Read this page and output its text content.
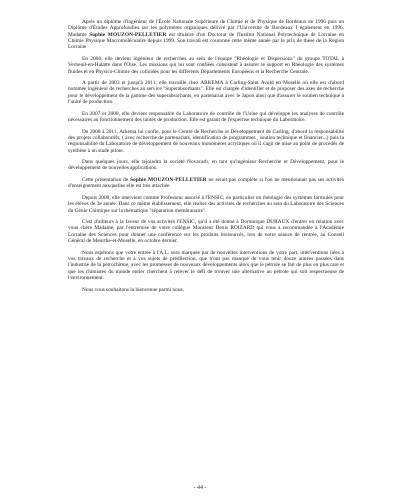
Après un diplôme d'ingénieur de l'École Nationale Supérieure de Chimie et de Physique de Bordeaux en 1996 puis un Diplôme d'Études Approfondies sur les polymères organiques délivré par l'Université de Bordeaux I également en 1996, Madame Sophie MOUZON-PELLETIER est titulaire d'un Doctorat de l'Institut National Polytechnique de Lorraine en Chimie Physique Macromoléculaire depuis 1999. Son travail est couronné cette même année par le prix de thèse de la Région Lorraine

En 2000, elle devient ingénieur de recherches au sein de l'équipe "Rhéologie et Dispersions" du groupe TOTAL à Verneuil-en-Halatte dans l'Oise. Les missions qui lui sont confiées consistent à assurer le support en Rhéologie des systèmes fluides et en Physico-Chimie des colloïdes pour les différents Départements Européens et la Recherche Centrale.

A partir de 2003 et jusqu'à 2011, elle travaille chez ARKEMA à Carling-Saint Avold en Moselle où elle est d'abord nommée ingénieur de recherches au service "Superabsorbants". Elle est chargée d'identifier et de proposer des axes de recherche pour le développement de la gamme des superabsorbants, en partenariat avec le Japon ainsi que d'assurer le soutien technique à l'unité de production.

En 2007 et 2008, elle devient responsable du Laboratoire de contrôle de l'Usine qui développe les analyses de contrôle nécessaires au fonctionnement des unités de production. Elle est garant de l'expertise technique du Laboratoire.

De 2008 à 2011, Arkema lui confie, pour le Centre de Recherche et Développement de Carling, d'abord la responsabilité des projets collaboratifs, ( avec recherche de partenariats, identification de programmes , soutien technique et financier...) puis la responsabilité du Laboratoire de développement de nouveaux monomères acryliques où il s'agit de mise au point de procédés de synthèse à un stade pilote.

Dans quelques jours, elle rejoindra la société Novacarb, en tant qu'ingénieur Recherche et Développement, pour le développement de nouvelles applications.

Cette présentation de Sophie MOUZON-PELLETIER ne serait pas complète si l'on ne mentionnait pas ses activités d'enseignement auxquelles elle est très attachée.

Depuis 2008, elle intervient comme Professeur associé à l'ENSIC, en particulier en rhéologie des systèmes formulés pour les élèves de 3e année. Dans ce même établissement, elle réalise des activités de recherches au sein du Laboratoire des Sciences du Génie Chimique sur la thématique "séparation membranaire".

C'est d'ailleurs à la faveur de vos activités l'ENSIC, qu'il a été donné à Dominique DURAUX d'entrer en relation avec vous chère Madame, par l'entremise de votre collègue Monsieur Denis ROIZARD qui vous a recommandée à l'Académie Lorraine des Sciences pour donner une conférence sur les produits biosourcés, lors de notre séance de rentrée, au Conseil Général de Meurthe-et-Moselle, en octobre dernier.

Nous espérons que votre entrée à l'A.L. sera marquée par de nouvelles interventions de votre part, interventions liées à vos travaux de recherche et à vos sujets de prédilection, que n'ont pas manqué de vous tenir douze années passées dans l'industrie de la pétrochimie, avec les promesses de nouveaux développements alors que le pétrole se fait de plus en plus rare et que les chimistes du monde entier cherchent à relever le défi de trouver une alternative au pétrole qui soit respectueuse de l'environnement.

Nous vous souhaitons la bienvenue parmi nous.

- 44 -
